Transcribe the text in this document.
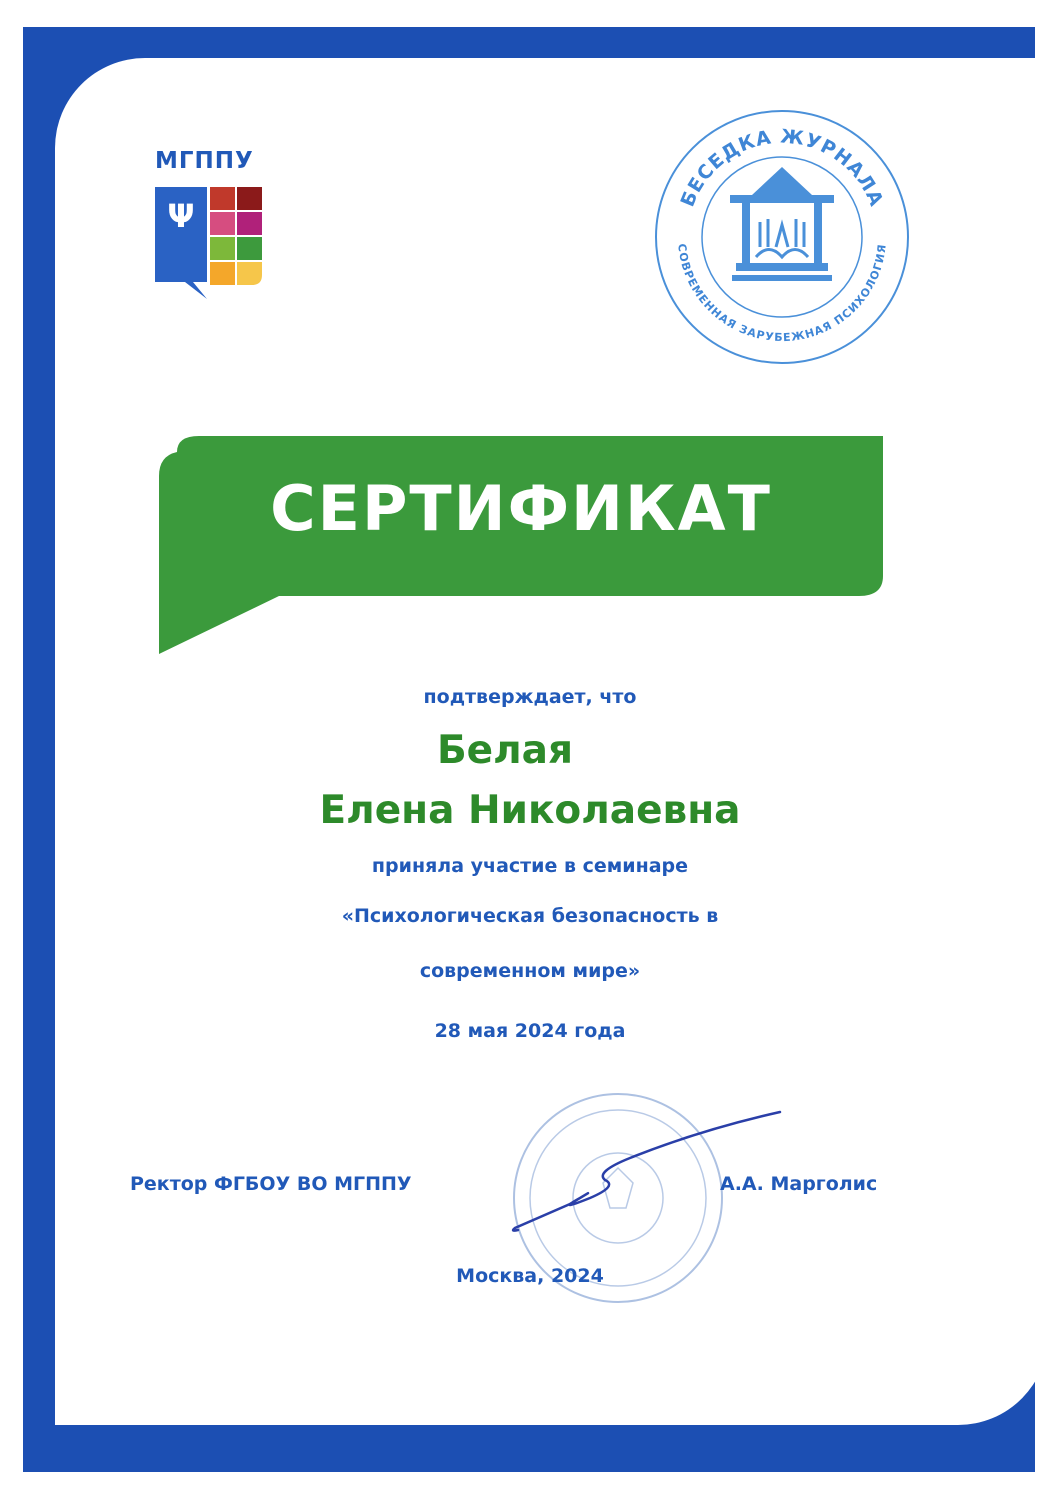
МГППУ
Ψ	БЕСЕДКА ЖУРНАЛА
СОВРЕМЕННАЯ ЗАРУБЕЖНАЯ ПСИХОЛОГИЯ
СЕРТИФИКАТ
подтверждает, что
Белая
Елена Николаевна
приняла участие в семинаре
«Психологическая безопасность в
современном мире»
28 мая 2024 года
Ректор ФГБОУ ВО МГППУ	А.А. Марголис
Москва, 2024
